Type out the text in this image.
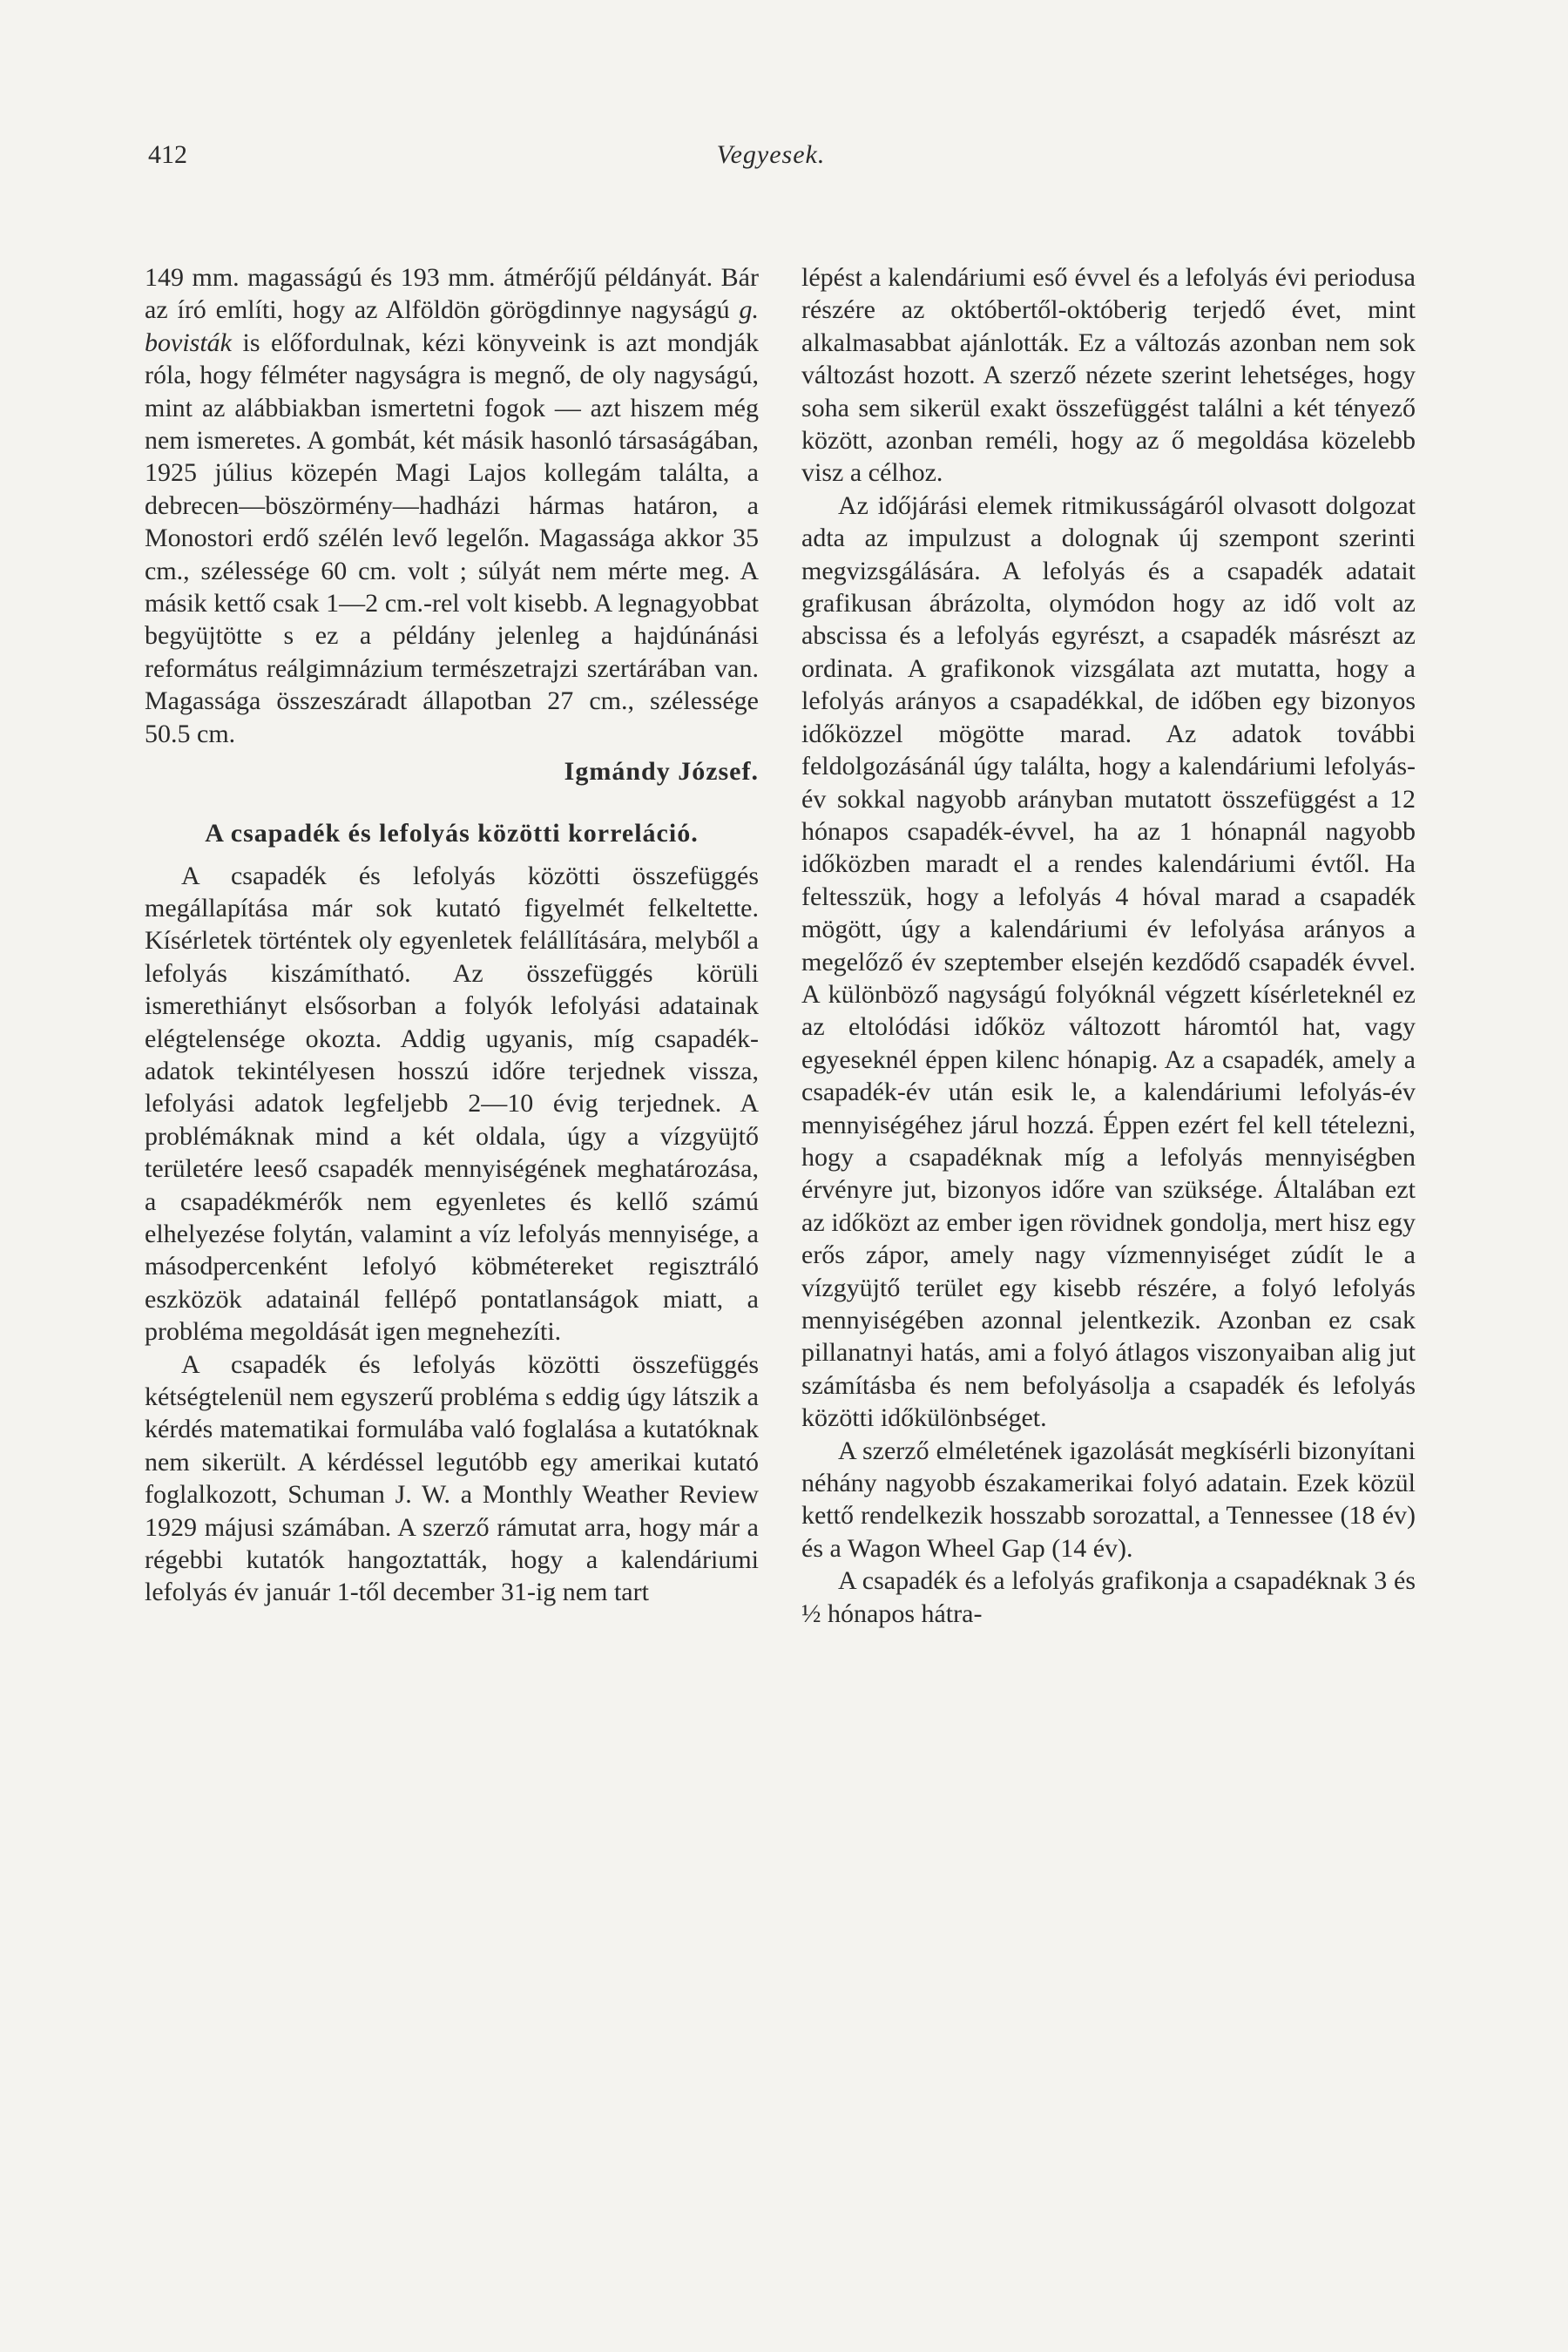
412	Vegyesek.

149 mm. magasságú és 193 mm. átmérőjű példányát. Bár az író említi, hogy az Alföldön görögdinnye nagyságú g. bovisták is előfordulnak, kézi könyveink is azt mondják róla, hogy félméter nagyságra is megnő, de oly nagyságú, mint az alábbiakban ismertetni fogok — azt hiszem még nem ismeretes. A gombát, két másik hasonló társaságában, 1925 július közepén Magi Lajos kollegám találta, a debrecen—böszörmény—hadházi hármas határon, a Monostori erdő szélén levő legelőn. Magassága akkor 35 cm., szélessége 60 cm. volt ; súlyát nem mérte meg. A másik kettő csak 1—2 cm.-rel volt kisebb. A legnagyobbat begyüjtötte s ez a példány jelenleg a hajdúnánási református reálgimnázium természetrajzi szertárában van. Magassága összeszáradt állapotban 27 cm., szélessége 50.5 cm.

Igmándy József.

A csapadék és lefolyás közötti korreláció.

A csapadék és lefolyás közötti összefüggés megállapítása már sok kutató figyelmét felkeltette. Kísérletek történtek oly egyenletek felállítására, melyből a lefolyás kiszámítható. Az összefüggés körüli ismerethiányt elsősorban a folyók lefolyási adatainak elégtelensége okozta. Addig ugyanis, míg csapadék-adatok tekintélyesen hosszú időre terjednek vissza, lefolyási adatok legfeljebb 2—10 évig terjednek. A problémáknak mind a két oldala, úgy a vízgyüjtő területére leeső csapadék mennyiségének meghatározása, a csapadékmérők nem egyenletes és kellő számú elhelyezése folytán, valamint a víz lefolyás mennyisége, a másodpercenként lefolyó köbmétereket regisztráló eszközök adatainál fellépő pontatlanságok miatt, a probléma megoldását igen megnehezíti.

A csapadék és lefolyás közötti összefüggés kétségtelenül nem egyszerű probléma s eddig úgy látszik a kérdés matematikai formulába való foglalása a kutatóknak nem sikerült. A kérdéssel legutóbb egy amerikai kutató foglalkozott, Schuman J. W. a Monthly Weather Review 1929 májusi számában. A szerző rámutat arra, hogy már a régebbi kutatók hangoztatták, hogy a kalendáriumi lefolyás év január 1-től december 31-ig nem tart

lépést a kalendáriumi eső évvel és a lefolyás évi periodusa részére az októbertől-októberig terjedő évet, mint alkalmasabbat ajánlották. Ez a változás azonban nem sok változást hozott. A szerző nézete szerint lehetséges, hogy soha sem sikerül exakt összefüggést találni a két tényező között, azonban reméli, hogy az ő megoldása közelebb visz a célhoz.

Az időjárási elemek ritmikusságáról olvasott dolgozat adta az impulzust a dolognak új szempont szerinti megvizsgálására. A lefolyás és a csapadék adatait grafikusan ábrázolta, olymódon hogy az idő volt az abscissa és a lefolyás egyrészt, a csapadék másrészt az ordinata. A grafikonok vizsgálata azt mutatta, hogy a lefolyás arányos a csapadékkal, de időben egy bizonyos időközzel mögötte marad. Az adatok további feldolgozásánál úgy találta, hogy a kalendáriumi lefolyás-év sokkal nagyobb arányban mutatott összefüggést a 12 hónapos csapadék-évvel, ha az 1 hónapnál nagyobb időközben maradt el a rendes kalendáriumi évtől. Ha feltesszük, hogy a lefolyás 4 hóval marad a csapadék mögött, úgy a kalendáriumi év lefolyása arányos a megelőző év szeptember elsején kezdődő csapadék évvel. A különböző nagyságú folyóknál végzett kísérleteknél ez az eltolódási időköz változott háromtól hat, vagy egyeseknél éppen kilenc hónapig. Az a csapadék, amely a csapadék-év után esik le, a kalendáriumi lefolyás-év mennyiségéhez járul hozzá. Éppen ezért fel kell tételezni, hogy a csapadéknak míg a lefolyás mennyiségben érvényre jut, bizonyos időre van szüksége. Általában ezt az időközt az ember igen rövidnek gondolja, mert hisz egy erős zápor, amely nagy vízmennyiséget zúdít le a vízgyüjtő terület egy kisebb részére, a folyó lefolyás mennyiségében azonnal jelentkezik. Azonban ez csak pillanatnyi hatás, ami a folyó átlagos viszonyaiban alig jut számításba és nem befolyásolja a csapadék és lefolyás közötti időkülönbséget.

A szerző elméletének igazolását megkísérli bizonyítani néhány nagyobb északamerikai folyó adatain. Ezek közül kettő rendelkezik hosszabb sorozattal, a Tennessee (18 év) és a Wagon Wheel Gap (14 év).

A csapadék és a lefolyás grafikonja a csapadéknak 3 és ½ hónapos hátra-
